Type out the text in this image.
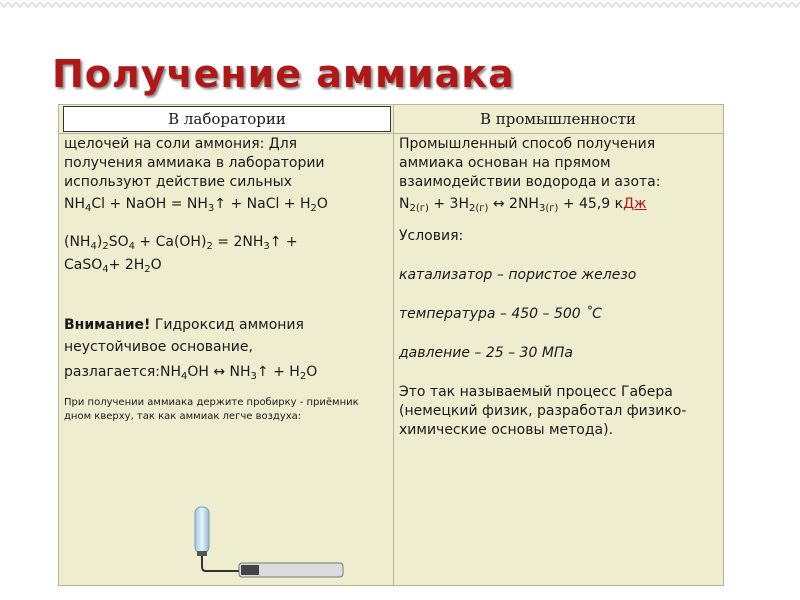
Получение аммиака
В лаборатории	В промышленности

щелочей на соли аммония: Для

получения аммиака в лаборатории

используют действие сильных

$NH_4Cl$ + NaOH = $NH_3↑$ + NaCl + $H_2O$

$(NH_4)_2SO_4 + Ca(OH)_2$ = $2NH_3↑$ +

CaSO$_4$+ $2H_2O$

Внимание! Гидроксид аммония

неустойчивое основание,

$разлагается:NH_4OH$ ↔ $NH_3↑ + H_2O$

При получении аммиака держите пробирку - приёмник

дном кверху, так как аммиак легче воздуха:

Промышленный способ получения

аммиака основан на прямом

взаимодействии водорода и азота:

$N_{2(г)} + 3H_{2(г)}$ ↔ $2NH_{3(г)} + 45,9$ кДж

Условия:

катализатор – пористое железо

температура – 450 – 500 ˚С

давление – 25 – 30 МПа

Это так называемый процесс Габера

(немецкий физик, разработал физико-

химические основы метода).
